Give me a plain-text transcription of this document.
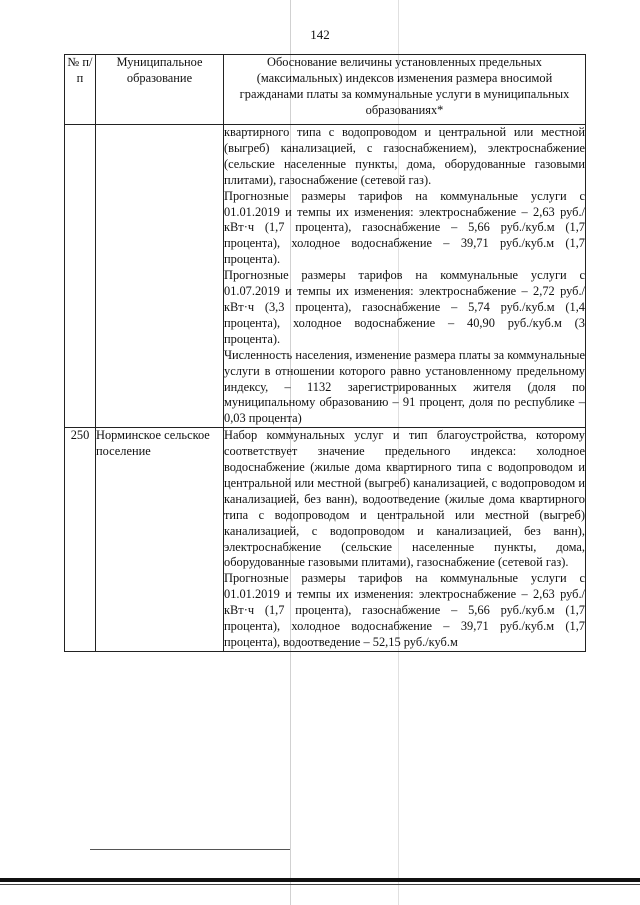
142
№ п/п	Муниципальное образование	Обоснование величины установленных предельных (максимальных) индексов изменения размера вносимой гражданами платы за коммунальные услуги в муниципальных образованиях*

		квартирного типа с водопроводом и центральной или местной (выгреб) канализацией, с газоснабжением), электроснабжение (сельские населенные пункты, дома, оборудованные газовыми плитами), газоснабжение (сетевой газ).
Прогнозные размеры тарифов на коммунальные услуги с 01.01.2019 и темпы их изменения: электроснабжение – 2,63 руб./кВт·ч (1,7 процента), газоснабжение – 5,66 руб./куб.м (1,7 процента), холодное водоснабжение – 39,71 руб./куб.м (1,7 процента).
Прогнозные размеры тарифов на коммунальные услуги с 01.07.2019 и темпы их изменения: электроснабжение – 2,72 руб./кВт·ч (3,3 процента), газоснабжение – 5,74 руб./куб.м (1,4 процента), холодное водоснабжение – 40,90 руб./куб.м (3 процента).
Численность населения, изменение размера платы за коммунальные услуги в отношении которого равно установленному предельному индексу, – 1132 зарегистрированных жителя (доля по муниципальному образованию – 91 процент, доля по республике – 0,03 процента)

250	Норминское сельское поселение	Набор коммунальных услуг и тип благоустройства, которому соответствует значение предельного индекса: холодное водоснабжение (жилые дома квартирного типа с водопроводом и центральной или местной (выгреб) канализацией, с водопроводом и канализацией, без ванн), водоотведение (жилые дома квартирного типа с водопроводом и центральной или местной (выгреб) канализацией, с водопроводом и канализацией, без ванн), электроснабжение (сельские населенные пункты, дома, оборудованные газовыми плитами), газоснабжение (сетевой газ).
Прогнозные размеры тарифов на коммунальные услуги с 01.01.2019 и темпы их изменения: электроснабжение – 2,63 руб./кВт·ч (1,7 процента), газоснабжение – 5,66 руб./куб.м (1,7 процента), холодное водоснабжение – 39,71 руб./куб.м (1,7 процента), водоотведение – 52,15 руб./куб.м
